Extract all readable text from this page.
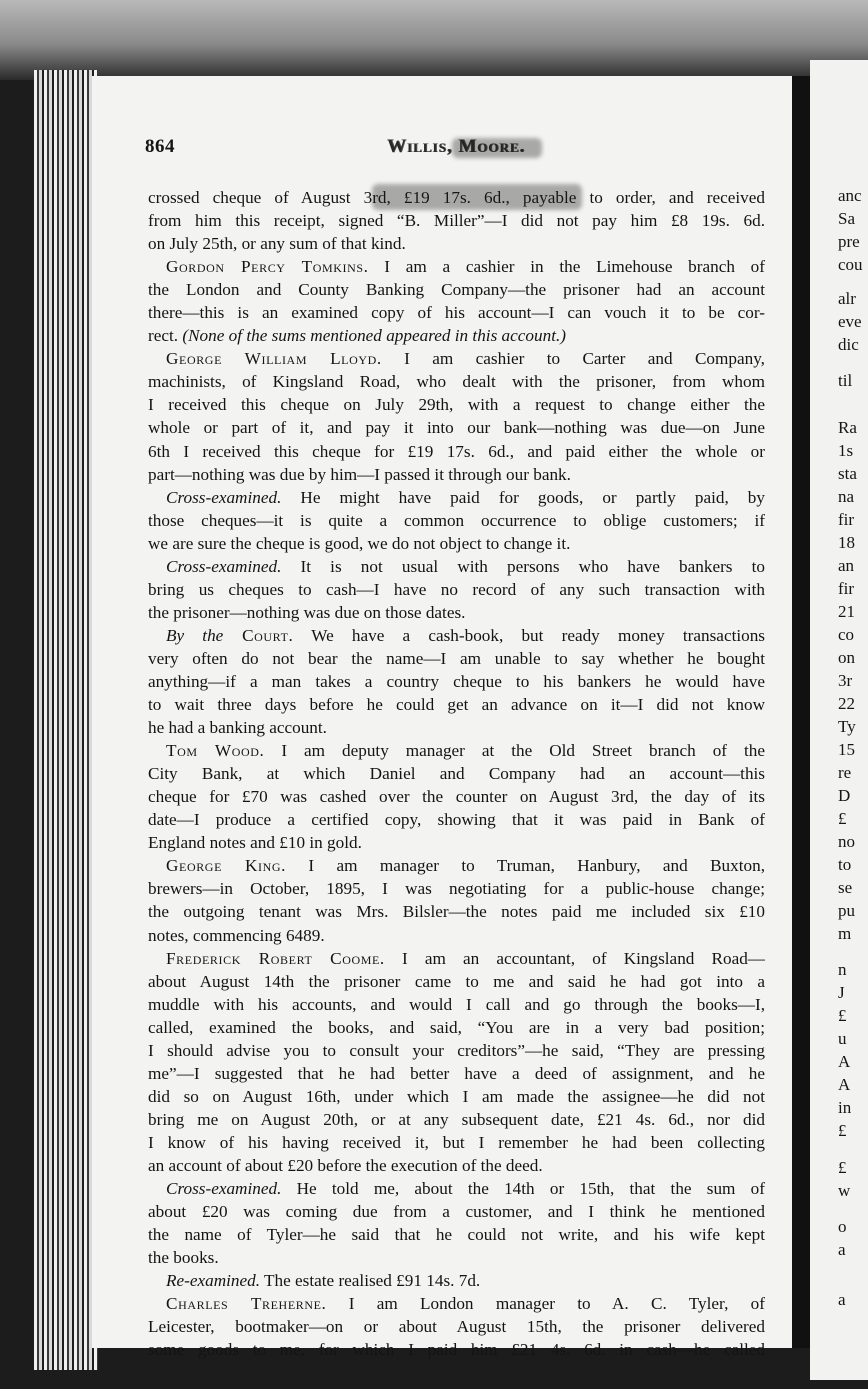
anc
Sa
pre
cou
alr
eve
dic
til
Ra
1s
sta
na
fir
18
an
fir
21
co
on
3r
22
Ty
15
re
D
£
no
to
se
pu
m
n
J
£
u
A
A
in
£
£
w
o
a
a
864	Willis, Moore.
crossed cheque of August 3rd, £19 17s. 6d., payable to order, and received
from him this receipt, signed “B. Miller”—I did not pay him £8 19s. 6d.
on July 25th, or any sum of that kind.
Gordon Percy Tomkins. I am a cashier in the Limehouse branch of
the London and County Banking Company—the prisoner had an account
there—this is an examined copy of his account—I can vouch it to be cor-
rect. (None of the sums mentioned appeared in this account.)
George William Lloyd. I am cashier to Carter and Company,
machinists, of Kingsland Road, who dealt with the prisoner, from whom
I received this cheque on July 29th, with a request to change either the
whole or part of it, and pay it into our bank—nothing was due—on June
6th I received this cheque for £19 17s. 6d., and paid either the whole or
part—nothing was due by him—I passed it through our bank.
Cross-examined. He might have paid for goods, or partly paid, by
those cheques—it is quite a common occurrence to oblige customers; if
we are sure the cheque is good, we do not object to change it.
Cross-examined. It is not usual with persons who have bankers to
bring us cheques to cash—I have no record of any such transaction with
the prisoner—nothing was due on those dates.
By the Court. We have a cash-book, but ready money transactions
very often do not bear the name—I am unable to say whether he bought
anything—if a man takes a country cheque to his bankers he would have
to wait three days before he could get an advance on it—I did not know
he had a banking account.
Tom Wood. I am deputy manager at the Old Street branch of the
City Bank, at which Daniel and Company had an account—this
cheque for £70 was cashed over the counter on August 3rd, the day of its
date—I produce a certified copy, showing that it was paid in Bank of
England notes and £10 in gold.
George King. I am manager to Truman, Hanbury, and Buxton,
brewers—in October, 1895, I was negotiating for a public-house change;
the outgoing tenant was Mrs. Bilsler—the notes paid me included six £10
notes, commencing 6489.
Frederick Robert Coome. I am an accountant, of Kingsland Road—
about August 14th the prisoner came to me and said he had got into a
muddle with his accounts, and would I call and go through the books—I,
called, examined the books, and said, “You are in a very bad position;
I should advise you to consult your creditors”—he said, “They are pressing
me”—I suggested that he had better have a deed of assignment, and he
did so on August 16th, under which I am made the assignee—he did not
bring me on August 20th, or at any subsequent date, £21 4s. 6d., nor did
I know of his having received it, but I remember he had been collecting
an account of about £20 before the execution of the deed.
Cross-examined. He told me, about the 14th or 15th, that the sum of
about £20 was coming due from a customer, and I think he mentioned
the name of Tyler—he said that he could not write, and his wife kept
the books.
Re-examined. The estate realised £91 14s. 7d.
Charles Treherne. I am London manager to A. C. Tyler, of
Leicester, bootmaker—on or about August 15th, the prisoner delivered
some goods to me, for which I paid him £21 4s. 6d. in cash—he called
